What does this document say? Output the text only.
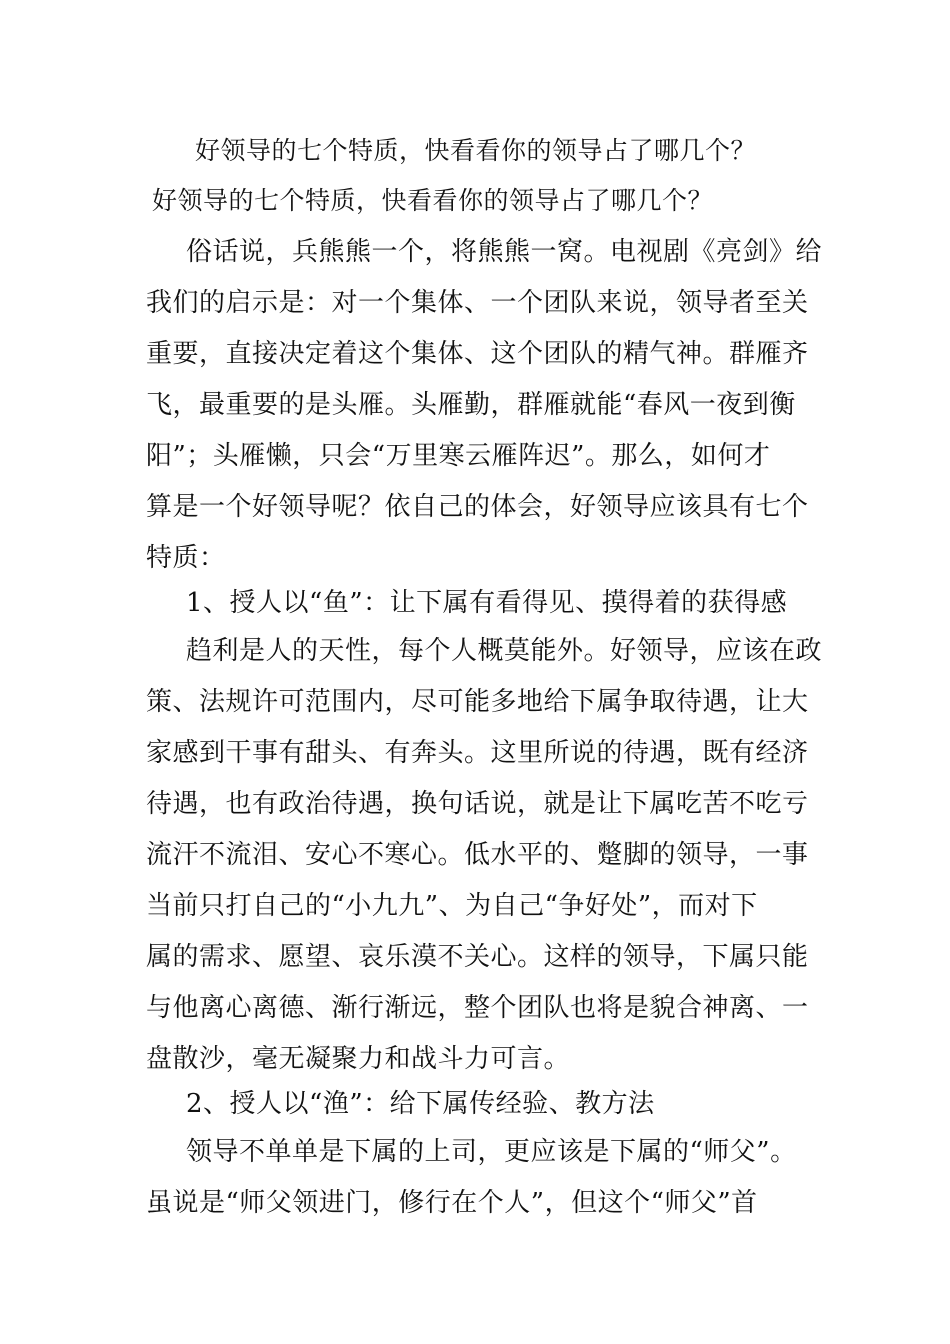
好领导的七个特质，快看看你的领导占了哪几个？
好领导的七个特质，快看看你的领导占了哪几个？
俗话说，兵熊熊一个，将熊熊一窝。电视剧《亮剑》给
我们的启示是：对一个集体、一个团队来说，领导者至关
重要，直接决定着这个集体、这个团队的精气神。群雁齐
飞，最重要的是头雁。头雁勤，群雁就能“春风一夜到衡
阳”；头雁懒，只会“万里寒云雁阵迟”。那么，如何才
算是一个好领导呢？依自己的体会，好领导应该具有七个
特质：
1、授人以“鱼”：让下属有看得见、摸得着的获得感
趋利是人的天性，每个人概莫能外。好领导，应该在政
策、法规许可范围内，尽可能多地给下属争取待遇，让大
家感到干事有甜头、有奔头。这里所说的待遇，既有经济
待遇，也有政治待遇，换句话说，就是让下属吃苦不吃亏
流汗不流泪、安心不寒心。低水平的、蹩脚的领导，一事
当前只打自己的“小九九”、为自己“争好处”，而对下
属的需求、愿望、哀乐漠不关心。这样的领导，下属只能
与他离心离德、渐行渐远，整个团队也将是貌合神离、一
盘散沙，毫无凝聚力和战斗力可言。
2、授人以“渔”：给下属传经验、教方法
领导不单单是下属的上司，更应该是下属的“师父”。
虽说是“师父领进门，修行在个人”，但这个“师父”首
